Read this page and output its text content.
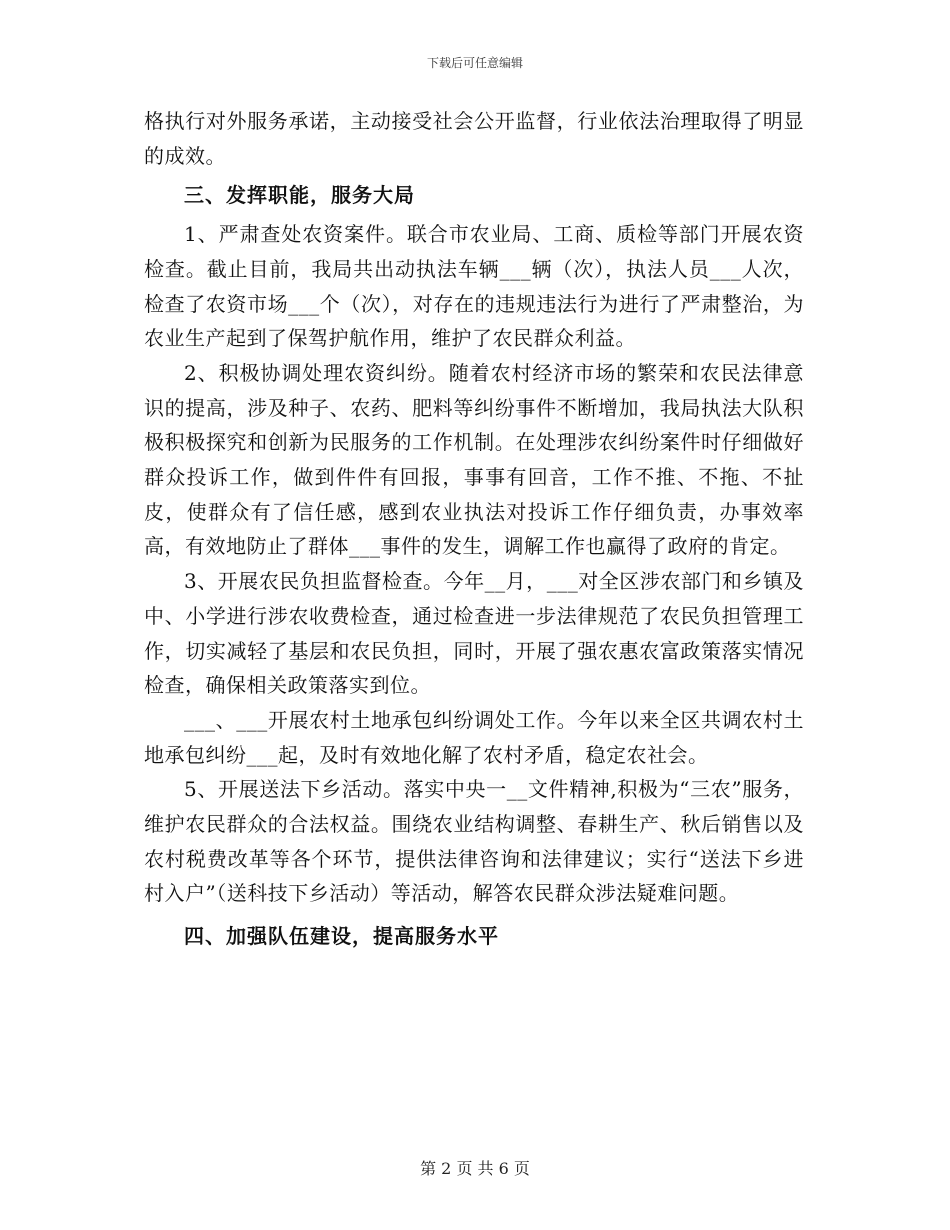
下载后可任意编辑

格执行对外服务承诺，主动接受社会公开监督，行业依法治理取得了明显的成效。

三、发挥职能，服务大局

1、严肃查处农资案件。联合市农业局、工商、质检等部门开展农资检查。截止目前，我局共出动执法车辆___辆（次），执法人员___人次，检查了农资市场___个（次），对存在的违规违法行为进行了严肃整治，为农业生产起到了保驾护航作用，维护了农民群众利益。

2、积极协调处理农资纠纷。随着农村经济市场的繁荣和农民法律意识的提高，涉及种子、农药、肥料等纠纷事件不断增加，我局执法大队积极积极探究和创新为民服务的工作机制。在处理涉农纠纷案件时仔细做好群众投诉工作，做到件件有回报，事事有回音，工作不推、不拖、不扯皮，使群众有了信任感，感到农业执法对投诉工作仔细负责，办事效率高，有效地防止了群体___事件的发生，调解工作也赢得了政府的肯定。

3、开展农民负担监督检查。今年__月，___对全区涉农部门和乡镇及中、小学进行涉农收费检查，通过检查进一步法律规范了农民负担管理工作，切实减轻了基层和农民负担，同时，开展了强农惠农富政策落实情况检查，确保相关政策落实到位。

___、___开展农村土地承包纠纷调处工作。今年以来全区共调农村土地承包纠纷___起，及时有效地化解了农村矛盾，稳定农社会。

5、开展送法下乡活动。落实中央一__文件精神,积极为“三农”服务，维护农民群众的合法权益。围绕农业结构调整、春耕生产、秋后销售以及农村税费改革等各个环节，提供法律咨询和法律建议；实行“送法下乡进村入户”（送科技下乡活动）等活动，解答农民群众涉法疑难问题。

四、加强队伍建设，提高服务水平
第 2 页 共 6 页
